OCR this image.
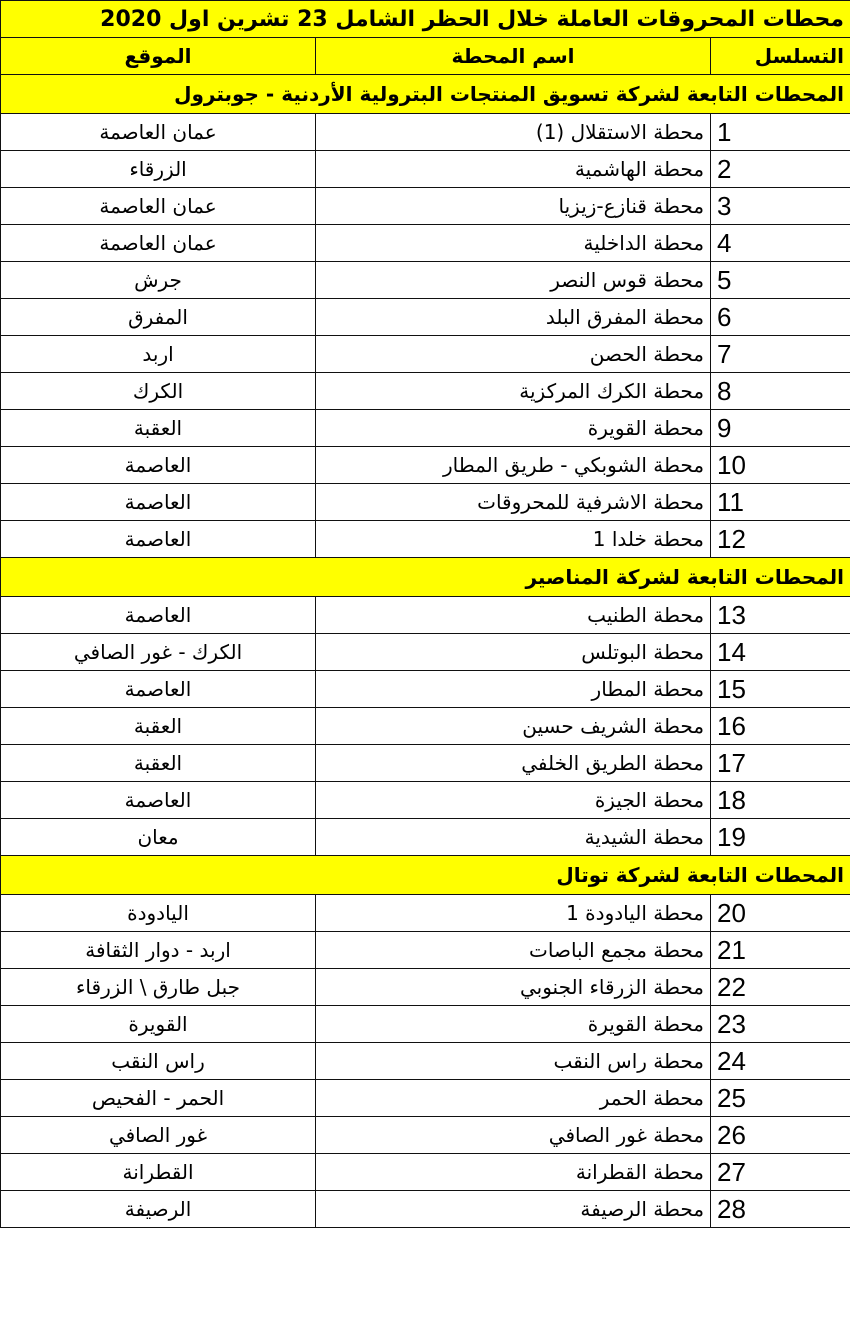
محطات المحروقات العاملة خلال الحظر الشامل 23 تشرين اول 2020		
التسلسل	اسم المحطة	الموقع
المحطات التابعة لشركة تسويق المنتجات البترولية الأردنية - جوبترول		
1	محطة الاستقلال (1)	عمان العاصمة
2	محطة الهاشمية	الزرقاء
3	محطة قنازع-زيزيا	عمان العاصمة
4	محطة الداخلية	عمان العاصمة
5	محطة قوس النصر	جرش
6	محطة المفرق البلد	المفرق
7	محطة الحصن	اربد
8	محطة الكرك المركزية	الكرك
9	محطة القويرة	العقبة
10	محطة الشوبكي - طريق المطار	العاصمة
11	محطة الاشرفية للمحروقات	العاصمة
12	محطة خلدا 1	العاصمة
المحطات التابعة لشركة المناصير		
13	محطة الطنيب	العاصمة
14	محطة البوتلس	الكرك - غور الصافي
15	محطة المطار	العاصمة
16	محطة الشريف حسين	العقبة
17	محطة الطريق الخلفي	العقبة
18	محطة الجيزة	العاصمة
19	محطة الشيدية	معان
المحطات التابعة لشركة توتال		
20	محطة اليادودة 1	اليادودة
21	محطة مجمع الباصات	اربد - دوار الثقافة
22	محطة الزرقاء الجنوبي	جبل طارق \ الزرقاء
23	محطة القويرة	القويرة
24	محطة راس النقب	راس النقب
25	محطة الحمر	الحمر - الفحيص
26	محطة غور الصافي	غور الصافي
27	محطة القطرانة	القطرانة
28	محطة الرصيفة	الرصيفة
